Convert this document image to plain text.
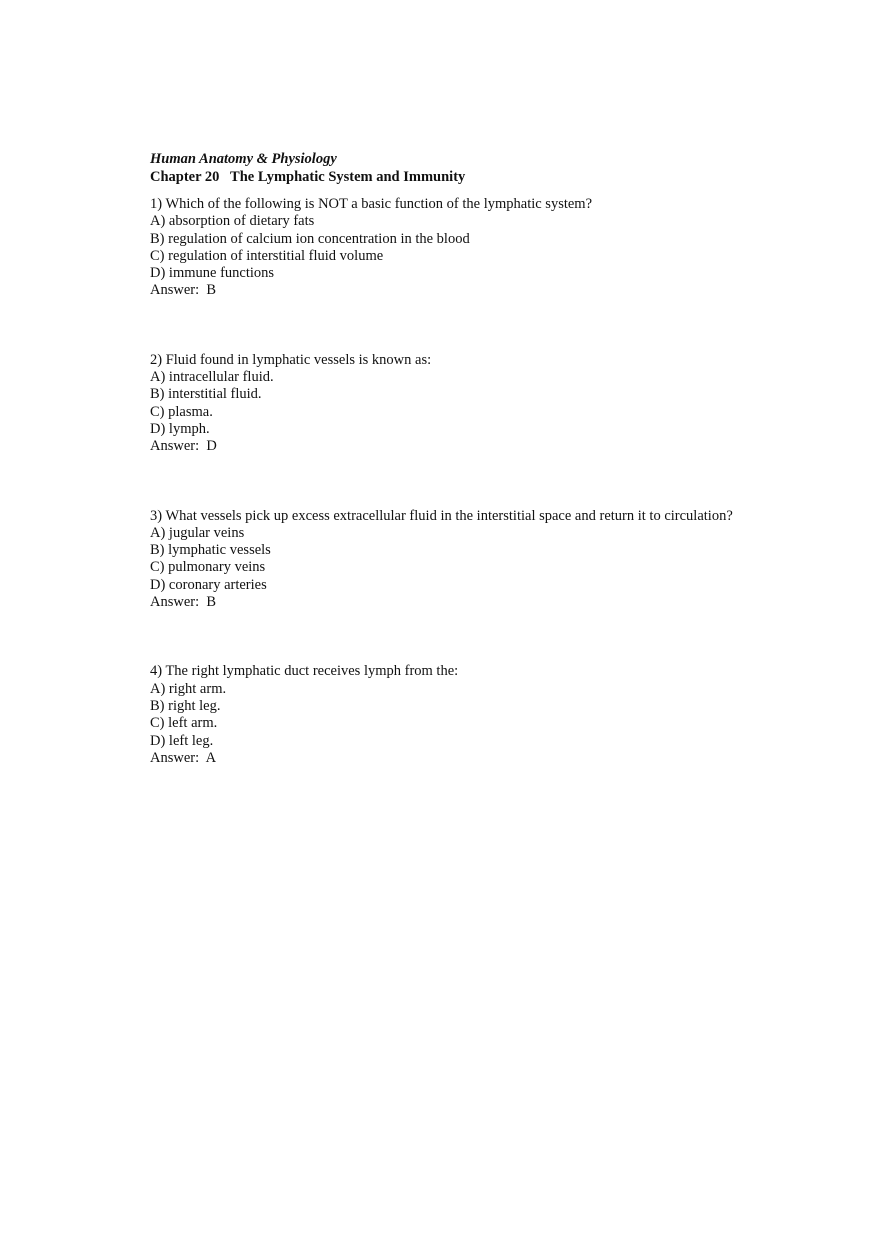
Human Anatomy & Physiology
Chapter 20   The Lymphatic System and Immunity
1) Which of the following is NOT a basic function of the lymphatic system?
A) absorption of dietary fats
B) regulation of calcium ion concentration in the blood
C) regulation of interstitial fluid volume
D) immune functions
Answer:  B
2) Fluid found in lymphatic vessels is known as:
A) intracellular fluid.
B) interstitial fluid.
C) plasma.
D) lymph.
Answer:  D
3) What vessels pick up excess extracellular fluid in the interstitial space and return it to circulation?
A) jugular veins
B) lymphatic vessels
C) pulmonary veins
D) coronary arteries
Answer:  B
4) The right lymphatic duct receives lymph from the:
A) right arm.
B) right leg.
C) left arm.
D) left leg.
Answer:  A
